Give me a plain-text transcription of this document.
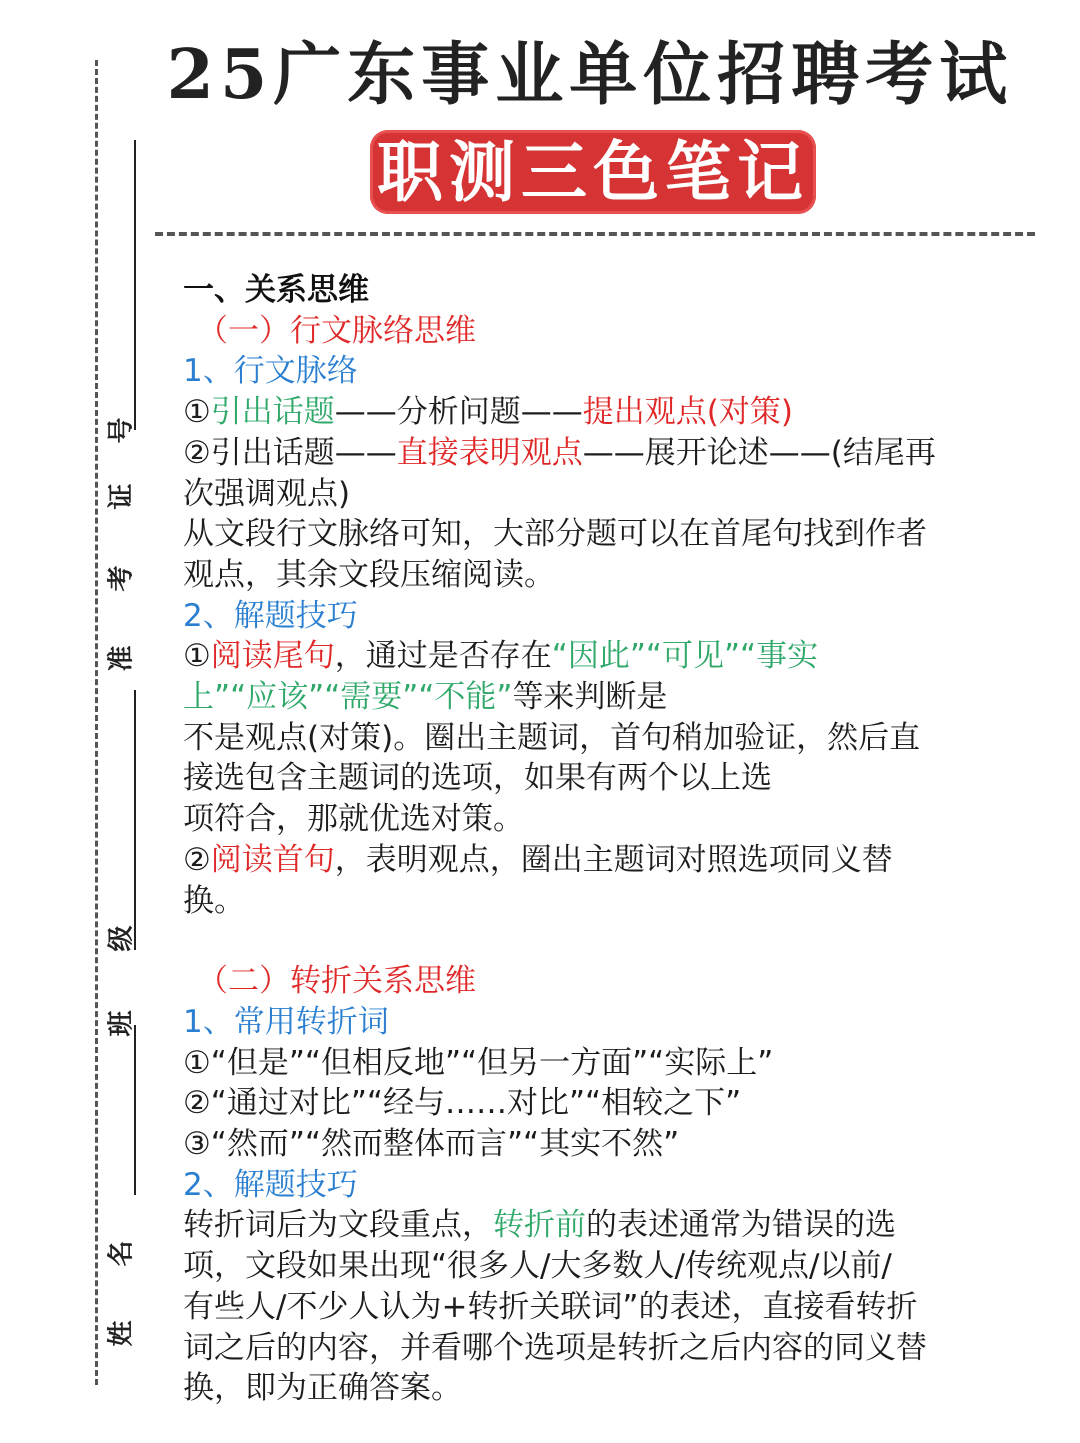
准
考
证
号
班
级
姓
名
25广东事业单位招聘考试
职测三色笔记

一、关系思维

（一）行文脉络思维

1、行文脉络

①引出话题——分析问题——提出观点(对策)

②引出话题——直接表明观点——展开论述——(结尾再

次强调观点)

从文段行文脉络可知，大部分题可以在首尾句找到作者

观点，其余文段压缩阅读。

2、解题技巧

①阅读尾句，通过是否存在“因此”“可见”“事实

上”“应该”“需要”“不能”等来判断是

不是观点(对策)。圈出主题词，首句稍加验证，然后直

接选包含主题词的选项，如果有两个以上选

项符合，那就优选对策。

②阅读首句，表明观点，圈出主题词对照选项同义替

换。

（二）转折关系思维

1、常用转折词

①“但是”“但相反地”“但另一方面”“实际上”

②“通过对比”“经与……对比”“相较之下”

③“然而”“然而整体而言”“其实不然”

2、解题技巧

转折词后为文段重点，转折前的表述通常为错误的选

项，文段如果出现“很多人/大多数人/传统观点/以前/

有些人/不少人认为+转折关联词”的表述，直接看转折

词之后的内容，并看哪个选项是转折之后内容的同义替

换，即为正确答案。
